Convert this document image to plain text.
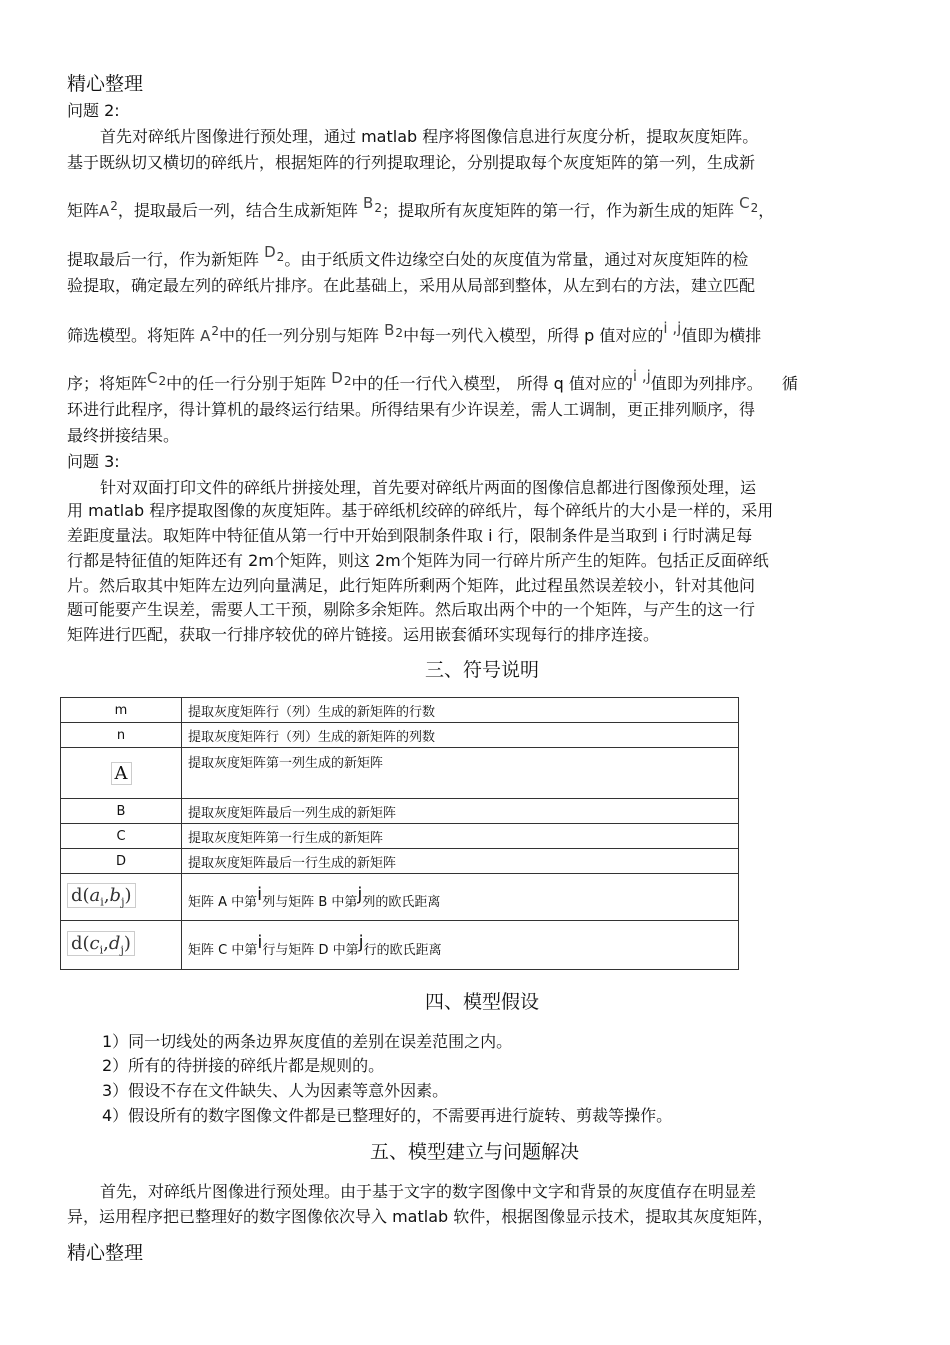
精心整理
问题 2:
首先对碎纸片图像进行预处理，通过 matlab 程序将图像信息进行灰度分析，提取灰度矩阵。
基于既纵切又横切的碎纸片，根据矩阵的行列提取理论，分别提取每个灰度矩阵的第一列，生成新
矩阵$A^2$，提取最后一列，结合生成新矩阵 $B^2$；提取所有灰度矩阵的第一行，作为新生成的矩阵 $C^2$，
提取最后一行，作为新矩阵 $D^2$。由于纸质文件边缘空白处的灰度值为常量，通过对灰度矩阵的检
验提取，确定最左列的碎纸片排序。在此基础上，采用从局部到整体，从左到右的方法，建立匹配
筛选模型。将矩阵 $A^2$中的任一列分别与矩阵 $B^2$中每一列代入模型，所得 p 值对应的i ,j值即为横排
序；将矩阵$C^2$中的任一行分别于矩阵 $D^2$中的任一行代入模型， 所得 q 值对应的i ,j值即为列排序。 循
环进行此程序，得计算机的最终运行结果。所得结果有少许误差，需人工调制，更正排列顺序，得
最终拼接结果。
问题 3:
针对双面打印文件的碎纸片拼接处理，首先要对碎纸片两面的图像信息都进行图像预处理，运
用 matlab 程序提取图像的灰度矩阵。基于碎纸机绞碎的碎纸片，每个碎纸片的大小是一样的，采用
差距度量法。取矩阵中特征值从第一行中开始到限制条件取 i 行，限制条件是当取到 i 行时满足每
行都是特征值的矩阵还有 2m个矩阵，则这 2m个矩阵为同一行碎片所产生的矩阵。包括正反面碎纸
片。然后取其中矩阵左边列向量满足，此行矩阵所剩两个矩阵，此过程虽然误差较小，针对其他问
题可能要产生误差，需要人工干预，剔除多余矩阵。然后取出两个中的一个矩阵，与产生的这一行
矩阵进行匹配，获取一行排序较优的碎片链接。运用嵌套循环实现每行的排序连接。
三、符号说明
m	提取灰度矩阵行（列）生成的新矩阵的行数
n	提取灰度矩阵行（列）生成的新矩阵的列数
A	提取灰度矩阵第一列生成的新矩阵
B	提取灰度矩阵最后一列生成的新矩阵
C	提取灰度矩阵第一行生成的新矩阵
D	提取灰度矩阵最后一行生成的新矩阵
$d(a_i,b_j)$	矩阵 A 中第i列与矩阵 B 中第j列的欧氏距离
$d(c_i,d_j)$	矩阵 C 中第i行与矩阵 D 中第j行的欧氏距离
四、模型假设
1）同一切线处的两条边界灰度值的差别在误差范围之内。
2）所有的待拼接的碎纸片都是规则的。
3）假设不存在文件缺失、人为因素等意外因素。
4）假设所有的数字图像文件都是已整理好的，不需要再进行旋转、剪裁等操作。
五、模型建立与问题解决
首先，对碎纸片图像进行预处理。由于基于文字的数字图像中文字和背景的灰度值存在明显差
异，运用程序把已整理好的数字图像依次导入 matlab 软件，根据图像显示技术，提取其灰度矩阵，
精心整理
